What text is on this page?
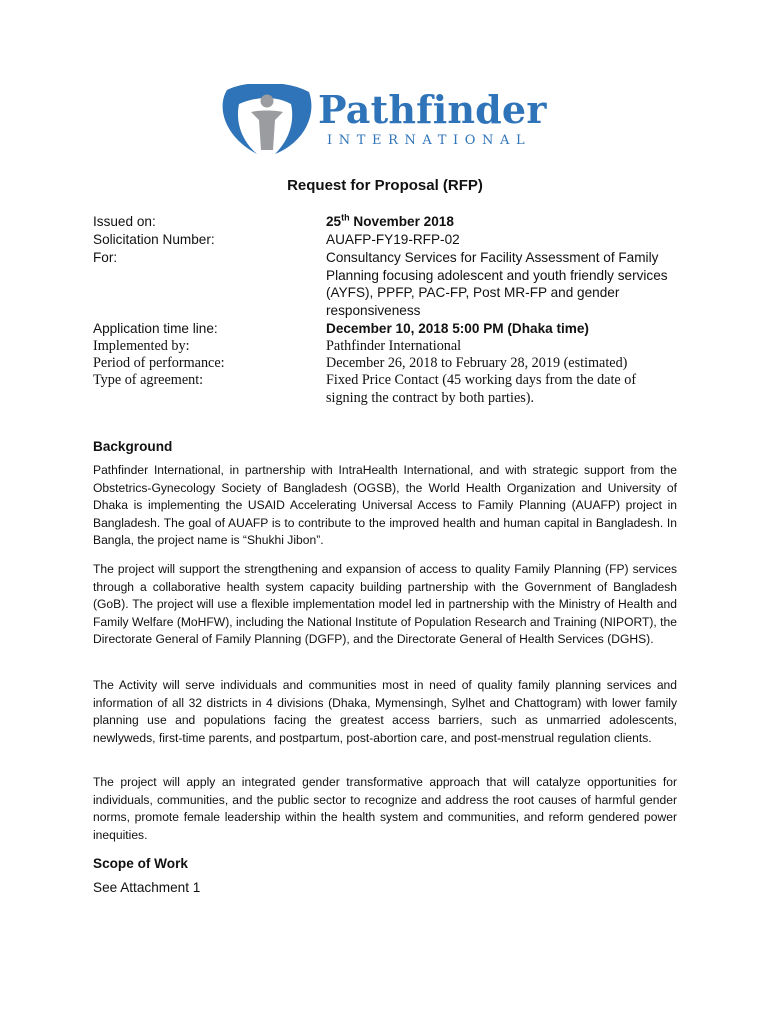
Pathfinder
INTERNATIONAL
Request for Proposal (RFP)
Issued on:	25th November 2018
Solicitation Number:	AUAFP-FY19-RFP-02
For:	Consultancy Services for Facility Assessment of Family Planning focusing adolescent and youth friendly services (AYFS), PPFP, PAC-FP, Post MR-FP and gender responsiveness
Application time line:	December 10, 2018 5:00 PM (Dhaka time)
Implemented by:	Pathfinder International
Period of performance:	December 26, 2018 to February 28, 2019 (estimated)
Type of agreement:	Fixed Price Contact (45 working days from the date of signing the contract by both parties).
Background
Pathfinder International, in partnership with IntraHealth International, and with strategic support from the Obstetrics-Gynecology Society of Bangladesh (OGSB), the World Health Organization and University of Dhaka is implementing the USAID Accelerating Universal Access to Family Planning (AUAFP) project in Bangladesh. The goal of AUAFP is to contribute to the improved health and human capital in Bangladesh. In Bangla, the project name is “Shukhi Jibon”.
The project will support the strengthening and expansion of access to quality Family Planning (FP) services through a collaborative health system capacity building partnership with the Government of Bangladesh (GoB). The project will use a flexible implementation model led in partnership with the Ministry of Health and Family Welfare (MoHFW), including the National Institute of Population Research and Training (NIPORT), the Directorate General of Family Planning (DGFP), and the Directorate General of Health Services (DGHS).
The Activity will serve individuals and communities most in need of quality family planning services and information of all 32 districts in 4 divisions (Dhaka, Mymensingh, Sylhet and Chattogram) with lower family planning use and populations facing the greatest access barriers, such as unmarried adolescents, newlyweds, first-time parents, and postpartum, post-abortion care, and post-menstrual regulation clients.
The project will apply an integrated gender transformative approach that will catalyze opportunities for individuals, communities, and the public sector to recognize and address the root causes of harmful gender norms, promote female leadership within the health system and communities, and reform gendered power inequities.
Scope of Work
See Attachment 1
